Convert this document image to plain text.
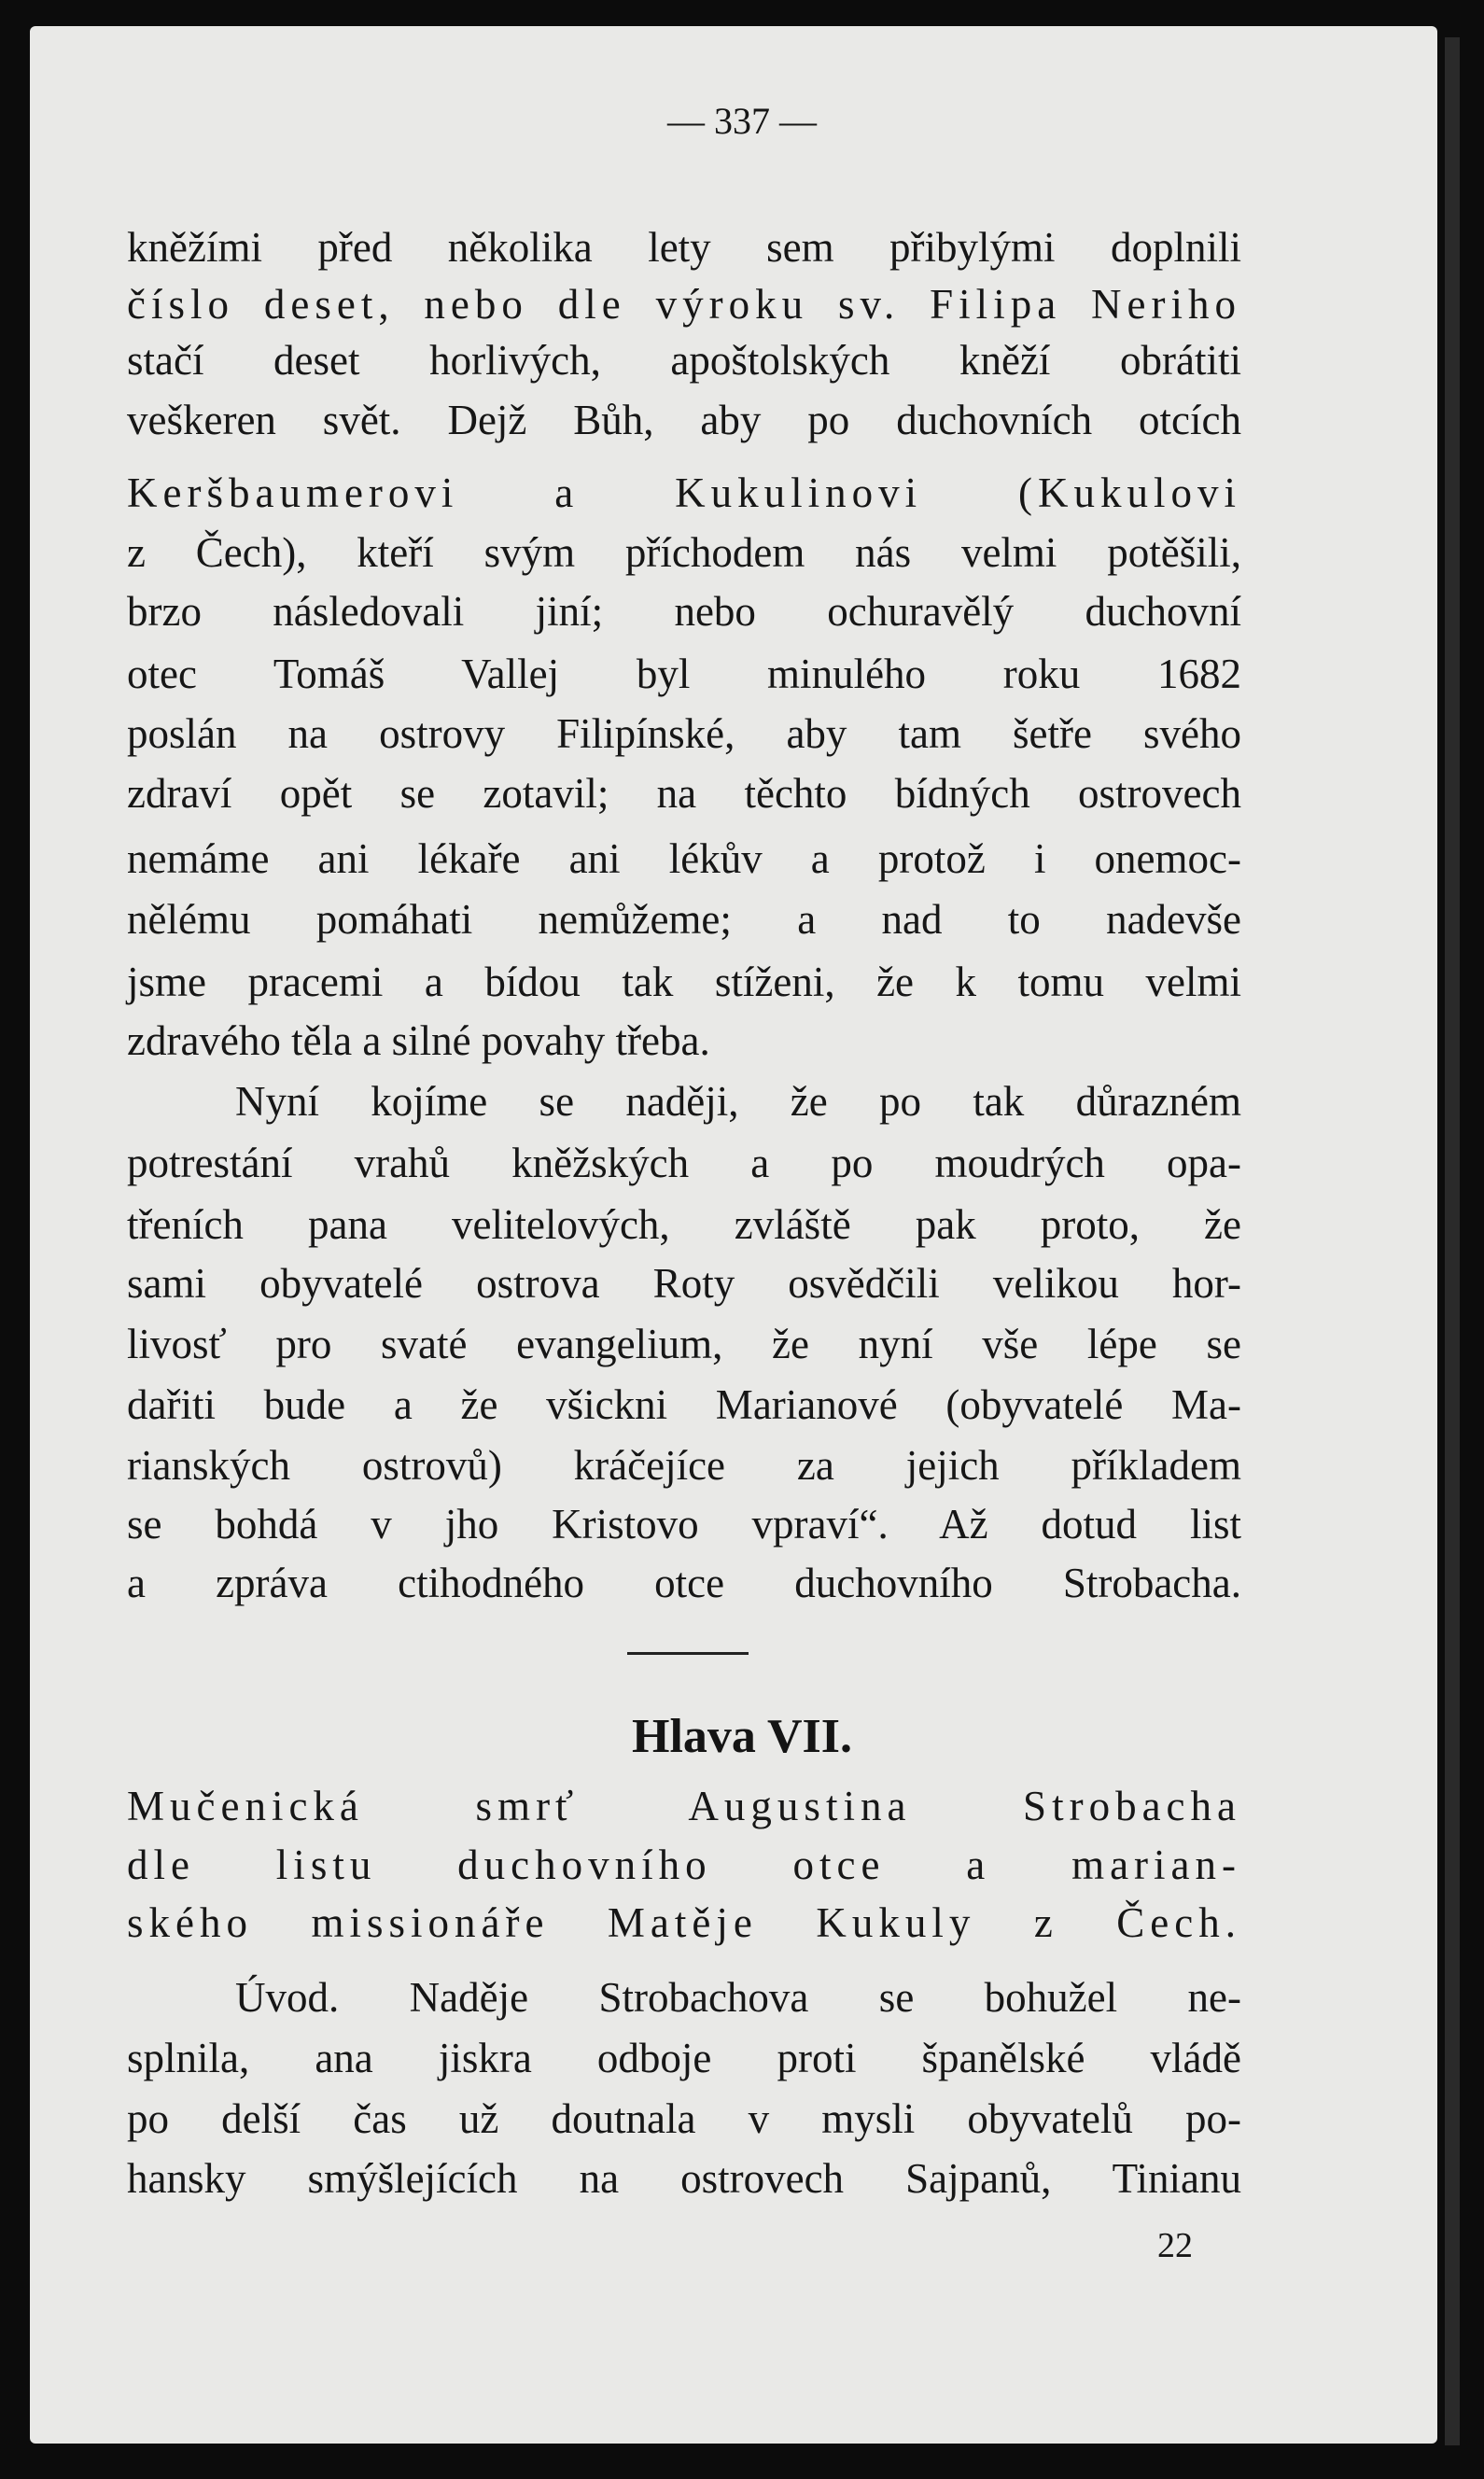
— 337 —
kněžími před několika lety sem přibylými doplnili
číslo deset, nebo dle výroku sv. Filipa Neriho
stačí deset horlivých, apoštolských kněží obrátiti
veškeren svět. Dejž Bůh, aby po duchovních otcích
Keršbaumerovi a Kukulinovi (Kukulovi
z Čech), kteří svým příchodem nás velmi potěšili,
brzo následovali jiní; nebo ochuravělý duchovní
otec Tomáš Vallej byl minulého roku 1682
poslán na ostrovy Filipínské, aby tam šetře svého
zdraví opět se zotavil; na těchto bídných ostrovech
nemáme ani lékaře ani lékův a protož i onemoc-
nělému pomáhati nemůžeme; a nad to nadevše
jsme pracemi a bídou tak stíženi, že k tomu velmi
zdravého těla a silné povahy třeba.
Nyní kojíme se naději, že po tak důrazném
potrestání vrahů kněžských a po moudrých opa-
třeních pana velitelových, zvláště pak proto, že
sami obyvatelé ostrova Roty osvědčili velikou hor-
livosť pro svaté evangelium, že nyní vše lépe se
dařiti bude a že všickni Marianové (obyvatelé Ma-
rianských ostrovů) kráčejíce za jejich příkladem
se bohdá v jho Kristovo vpraví“. Až dotud list
a zpráva ctihodného otce duchovního Strobacha.
Hlava VII.
Mučenická smrť Augustina Strobacha
dle listu duchovního otce a marian-
ského missionáře Matěje Kukuly z Čech.
Úvod. Naděje Strobachova se bohužel ne-
splnila, ana jiskra odboje proti španělské vládě
po delší čas už doutnala v mysli obyvatelů po-
hansky smýšlejících na ostrovech Sajpanů, Tinianu
22
